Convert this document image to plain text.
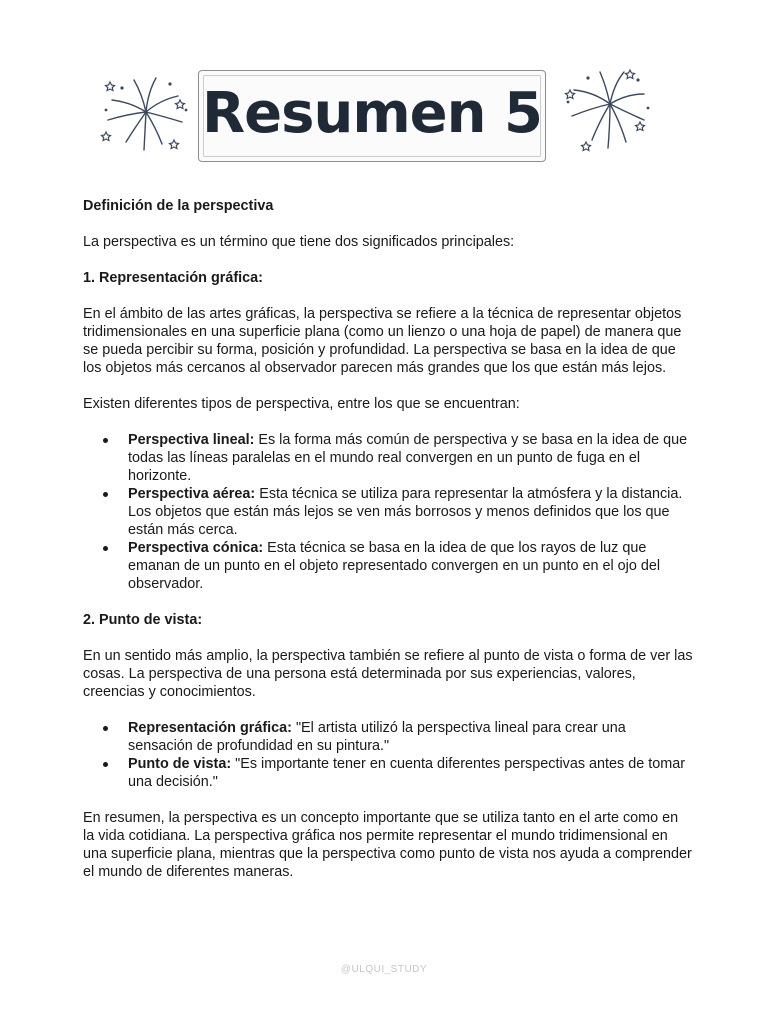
Resumen 5

Definición de la perspectiva

La perspectiva es un término que tiene dos significados principales:

1. Representación gráfica:

En el ámbito de las artes gráficas, la perspectiva se refiere a la técnica de representar objetos tridimensionales en una superficie plana (como un lienzo o una hoja de papel) de manera que se pueda percibir su forma, posición y profundidad. La perspectiva se basa en la idea de que los objetos más cercanos al observador parecen más grandes que los que están más lejos.

Existen diferentes tipos de perspectiva, entre los que se encuentran:

Perspectiva lineal: Es la forma más común de perspectiva y se basa en la idea de que todas las líneas paralelas en el mundo real convergen en un punto de fuga en el horizonte.
Perspectiva aérea: Esta técnica se utiliza para representar la atmósfera y la distancia. Los objetos que están más lejos se ven más borrosos y menos definidos que los que están más cerca.
Perspectiva cónica: Esta técnica se basa en la idea de que los rayos de luz que emanan de un punto en el objeto representado convergen en un punto en el ojo del observador.

2. Punto de vista:

En un sentido más amplio, la perspectiva también se refiere al punto de vista o forma de ver las cosas. La perspectiva de una persona está determinada por sus experiencias, valores, creencias y conocimientos.

Representación gráfica: "El artista utilizó la perspectiva lineal para crear una sensación de profundidad en su pintura."
Punto de vista: "Es importante tener en cuenta diferentes perspectivas antes de tomar una decisión."

En resumen, la perspectiva es un concepto importante que se utiliza tanto en el arte como en la vida cotidiana. La perspectiva gráfica nos permite representar el mundo tridimensional en una superficie plana, mientras que la perspectiva como punto de vista nos ayuda a comprender el mundo de diferentes maneras.

@ULQUI_STUDY
